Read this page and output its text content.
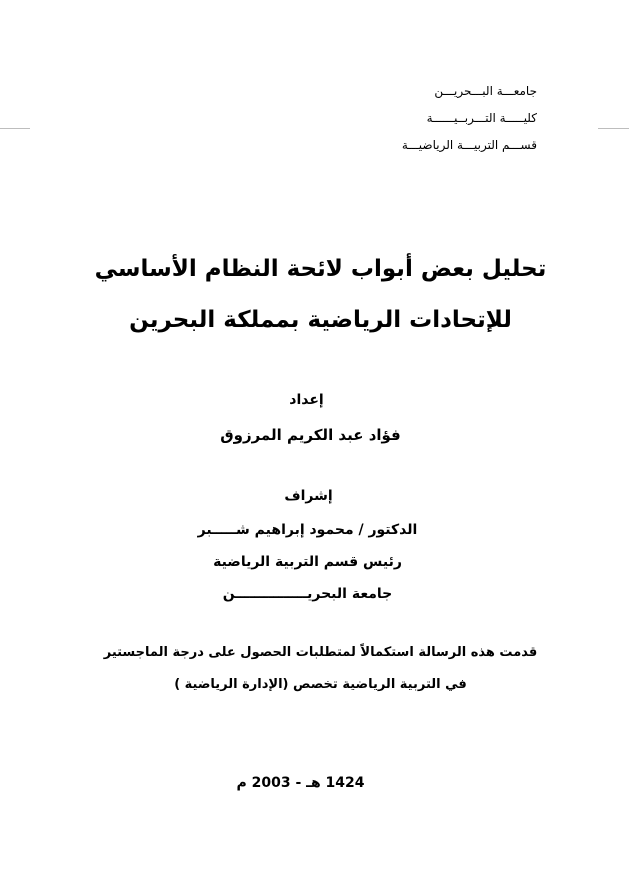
جامعـــة البـــحريـــن
كليـــــة التـــربــيــــــة
قســـم التربيـــة الرياضيـــة
تحليل بعض أبواب لائحة النظام الأساسي
للإتحادات الرياضية بمملكة البحرين
إعداد
فؤاد عبد الكريم المرزوق
إشراف
الدكتور / محمود إبراهيم شـــــبر
رئيس قسم التربية الرياضية
جامعة البحريـــــــــــــــن
قدمت هذه الرسالة استكمالاً لمتطلبات الحصول على درجة الماجستير
في التربية الرياضية تخصص (الإدارة الرياضية )
1424 هـ - 2003 م
